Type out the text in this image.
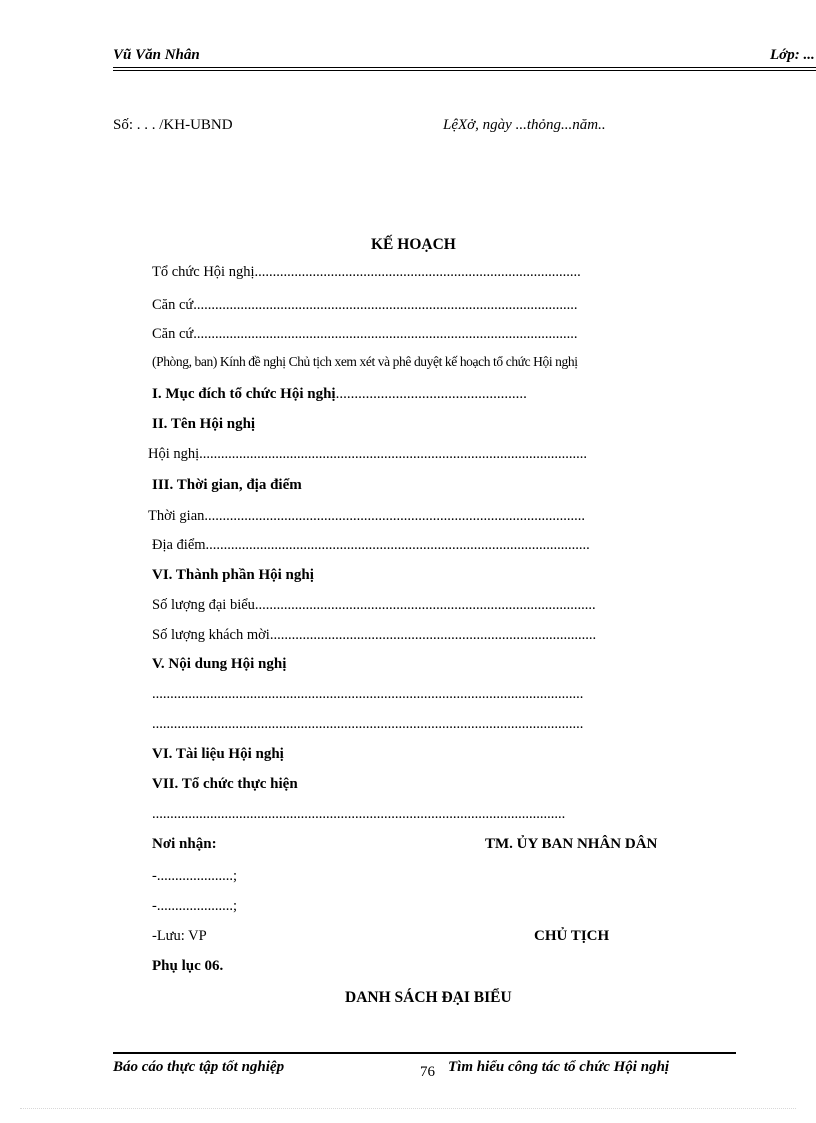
Vũ Văn Nhân	Lớp: ...
Số: . . . /KH-UBND	LệXở, ngày ...thỏng...năm..
KẾ HOẠCH
Tổ chức Hội nghị..........................................................................................
Căn cứ..........................................................................................................
Căn cứ..........................................................................................................
(Phòng, ban) Kính đề nghị Chủ tịch xem xét và phê duyệt kế hoạch tổ chức Hội nghị
I. Mục đích tổ chức Hội nghị...................................................
II. Tên Hội nghị
Hội nghị...........................................................................................................
III. Thời gian, địa điểm
Thời gian.........................................................................................................
Địa điểm..........................................................................................................
VI. Thành phần Hội nghị
Số lượng đại biểu..............................................................................................
Số lượng khách mời..........................................................................................
V. Nội dung Hội nghị
.......................................................................................................................
.......................................................................................................................
VI. Tài liệu Hội nghị
VII. Tổ chức thực hiện
..................................................................................................................
Nơi nhận:	TM. ỦY BAN NHÂN DÂN
-.....................;
-.....................;
-Lưu: VP	CHỦ TỊCH
Phụ lục 06.
DANH SÁCH ĐẠI BIỂU
Báo cáo thực tập tốt nghiệp	76 Tìm hiểu công tác tổ chức Hội nghị
